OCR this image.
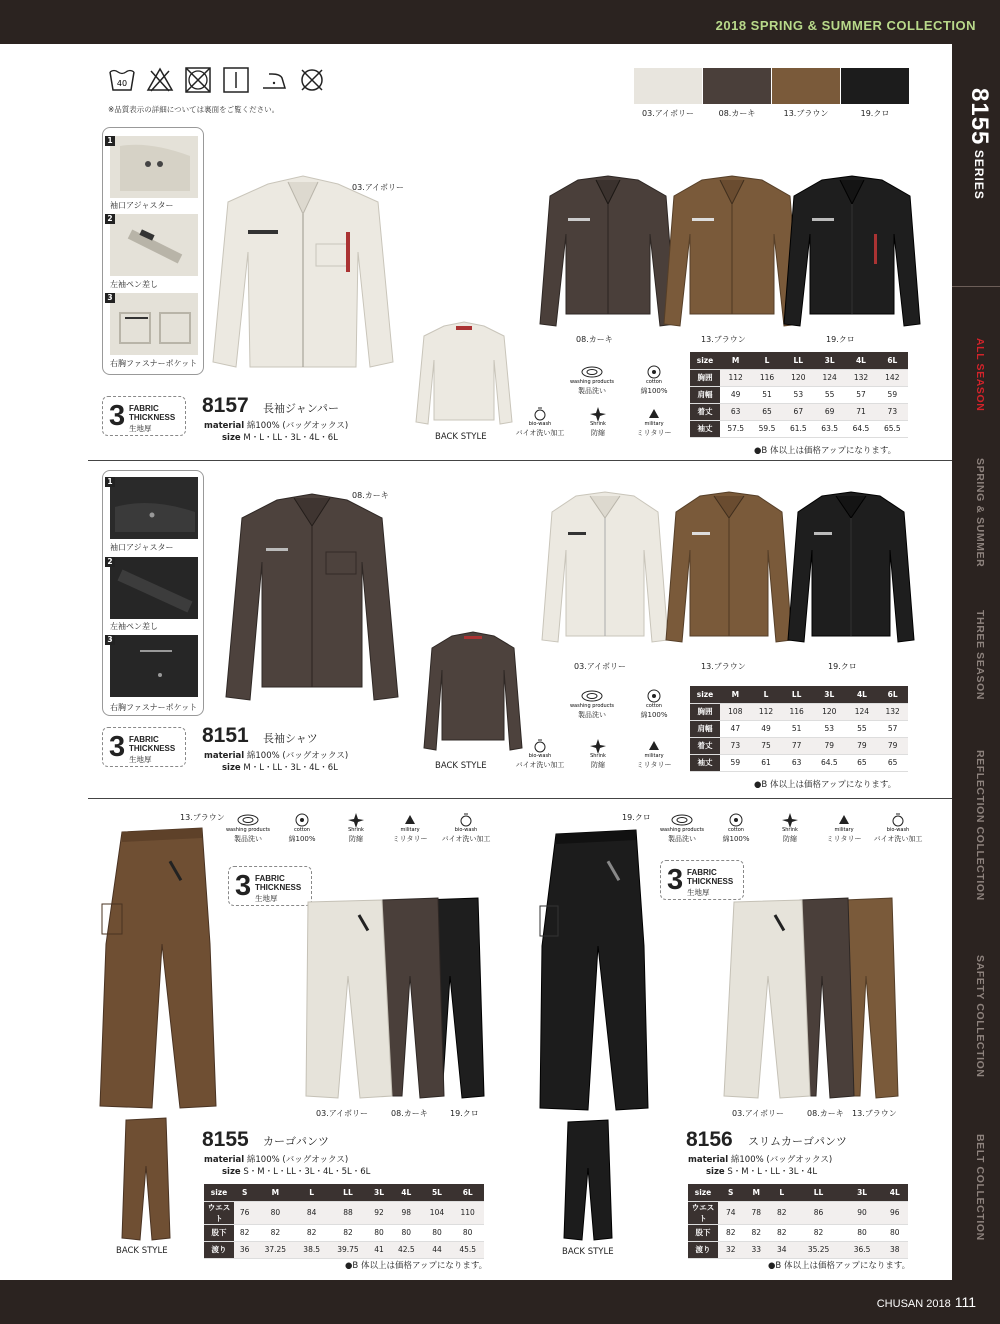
2018 SPRING & SUMMER COLLECTION
8155 SERIES
ALL SEASON
SPRING & SUMMER
THREE SEASON
REFLECTION COLLECTION
SAFETY COLLECTION
BELT COLLECTION
CHUSAN 2018 111
40
※品質表示の詳細については裏面をご覧ください。	03.アイボリー	08.カーキ	13.ブラウン	19.クロ
1
袖口アジャスター
2
左袖ペン差し
3
右胸ファスナーポケット
03.アイボリー
BACK STYLE
08.カーキ	13.ブラウン	19.クロ
3 FABRIC
THICKNESS
生地厚
8157 長袖ジャンパー
material 綿100% (バッグオックス)
size M・L・LL・3L・4L・6L
washing products
製品洗い
cotton
綿100%
bio-wash
バイオ洗い加工
Shrink
防縮
military
ミリタリー
size	M	L	LL	3L	4L	6L
胸囲	112	116	120	124	132	142
肩幅	49	51	53	55	57	59
着丈	63	65	67	69	71	73
袖丈	57.5	59.5	61.5	63.5	64.5	65.5
●B 体以上は価格アップになります。
1
袖口アジャスター
2
左袖ペン差し
3
右胸ファスナーポケット
08.カーキ
BACK STYLE
03.アイボリー	13.ブラウン	19.クロ
3 FABRIC
THICKNESS
生地厚
8151 長袖シャツ
material 綿100% (バッグオックス)
size M・L・LL・3L・4L・6L
washing products
製品洗い
cotton
綿100%
bio-wash
バイオ洗い加工
Shrink
防縮
military
ミリタリー
size	M	L	LL	3L	4L	6L
胸囲	108	112	116	120	124	132
肩幅	47	49	51	53	55	57
着丈	73	75	77	79	79	79
袖丈	59	61	63	64.5	65	65
●B 体以上は価格アップになります。
13.ブラウン
BACK STYLE
3 FABRIC
THICKNESS
生地厚
washing products
製品洗い
cotton
綿100%
Shrink
防縮
military
ミリタリー
bio-wash
バイオ洗い加工
03.アイボリー	08.カーキ	19.クロ
8155 カーゴパンツ
material 綿100% (バッグオックス)
size S・M・L・LL・3L・4L・5L・6L
size	S	M	L	LL	3L	4L	5L	6L
ウエスト	76	80	84	88	92	98	104	110
股下	82	82	82	82	80	80	80	80
渡り	36	37.25	38.5	39.75	41	42.5	44	45.5
●B 体以上は価格アップになります。
19.クロ
BACK STYLE
3 FABRIC
THICKNESS
生地厚
washing products
製品洗い
cotton
綿100%
Shrink
防縮
military
ミリタリー
bio-wash
バイオ洗い加工
03.アイボリー	08.カーキ 13.ブラウン
8156 スリムカーゴパンツ
material 綿100% (バッグオックス)
size S・M・L・LL・3L・4L
size	S	M	L	LL	3L	4L
ウエスト	74	78	82	86	90	96
股下	82	82	82	82	80	80
渡り	32	33	34	35.25	36.5	38
●B 体以上は価格アップになります。
